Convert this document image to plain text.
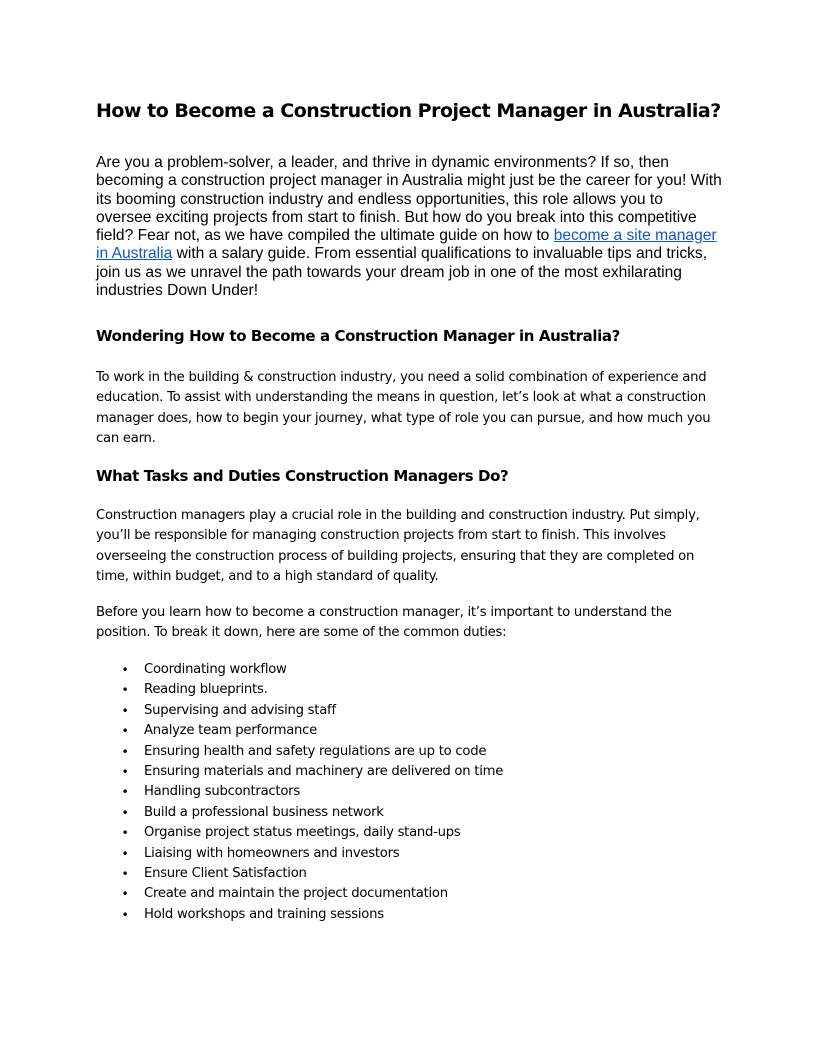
How to Become a Construction Project Manager in Australia?

Are you a problem-solver, a leader, and thrive in dynamic environments? If so, then becoming a construction project manager in Australia might just be the career for you! With its booming construction industry and endless opportunities, this role allows you to oversee exciting projects from start to finish. But how do you break into this competitive field? Fear not, as we have compiled the ultimate guide on how to become a site manager in Australia with a salary guide. From essential qualifications to invaluable tips and tricks, join us as we unravel the path towards your dream job in one of the most exhilarating industries Down Under!

Wondering How to Become a Construction Manager in Australia?

To work in the building & construction industry, you need a solid combination of experience and education. To assist with understanding the means in question, let’s look at what a construction manager does, how to begin your journey, what type of role you can pursue, and how much you can earn.

What Tasks and Duties Construction Managers Do?

Construction managers play a crucial role in the building and construction industry. Put simply, you’ll be responsible for managing construction projects from start to finish. This involves overseeing the construction process of building projects, ensuring that they are completed on time, within budget, and to a high standard of quality.

Before you learn how to become a construction manager, it’s important to understand the position. To break it down, here are some of the common duties:

• Coordinating workflow
• Reading blueprints.
• Supervising and advising staff
• Analyze team performance
• Ensuring health and safety regulations are up to code
• Ensuring materials and machinery are delivered on time
• Handling subcontractors
• Build a professional business network
• Organise project status meetings, daily stand-ups
• Liaising with homeowners and investors
• Ensure Client Satisfaction
• Create and maintain the project documentation
• Hold workshops and training sessions
